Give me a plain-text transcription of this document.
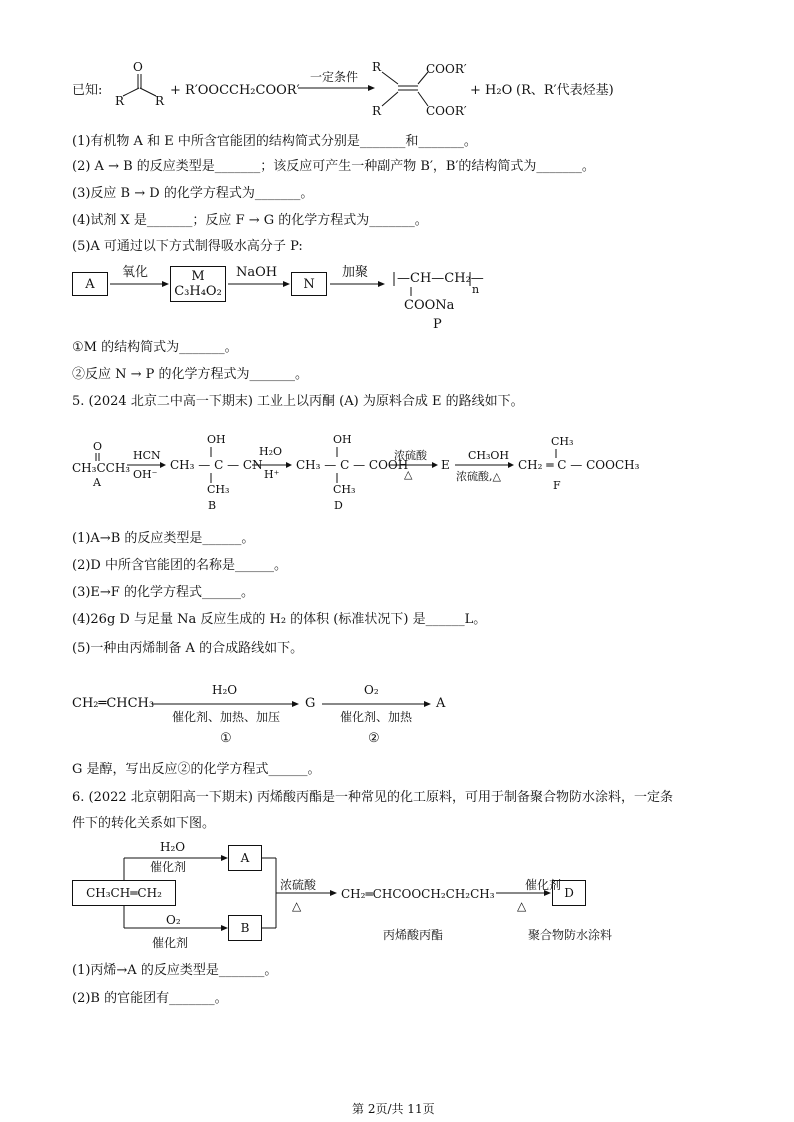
已知:
O
R	R
+ R′OOCCH₂COOR′
一定条件
R
R
COOR′
COOR′
+ H₂O (R、R′代表烃基)
(1)有机物 A 和 E 中所含官能团的结构简式分别是_______和_______。
(2) A → B 的反应类型是_______；该反应可产生一种副产物 B′，B′的结构简式为_______。
(3)反应 B → D 的化学方程式为_______。
(4)试剂 X 是_______；反应 F → G 的化学方程式为_______。
(5)A 可通过以下方式制得吸水高分子 P:
A
氧化	M
C₃H₄O₂
NaOH
N
加聚 —CH—CH₂—
n
COONa
P
①M 的结构简式为_______。
②反应 N → P 的化学方程式为_______。
5. (2024 北京二中高一下期末) 工业上以丙酮 (A) 为原料合成 E 的路线如下。
O
CH₃CCH₃
A
HCN
OH⁻
OH
CH₃ — C — CN
CH₃
B
H₂O
H⁺
OH
CH₃ — C — COOH
CH₃
D
浓硫酸
△
E
CH₃OH
浓硫酸,△
CH₃
CH₂ ═ C — COOCH₃
F
(1)A→B 的反应类型是______。
(2)D 中所含官能团的名称是______。
(3)E→F 的化学方程式______。
(4)26g D 与足量 Na 反应生成的 H₂ 的体积 (标准状况下) 是______L。
(5)一种由丙烯制备 A 的合成路线如下。
CH₂═CHCH₃
H₂O
催化剂、加热、加压
G
O₂
催化剂、加热
A
①	②
G 是醇，写出反应②的化学方程式______。
6. (2022 北京朝阳高一下期末) 丙烯酸丙酯是一种常见的化工原料，可用于制备聚合物防水涂料，一定条
件下的转化关系如下图。
CH₃CH═CH₂
H₂O
催化剂
A
O₂
催化剂
B
浓硫酸
△
CH₂═CHCOOCH₂CH₂CH₃
丙烯酸丙酯
催化剂
△
D
聚合物防水涂料
(1)丙烯→A 的反应类型是_______。
(2)B 的官能团有_______。
第 2页/共 11页
